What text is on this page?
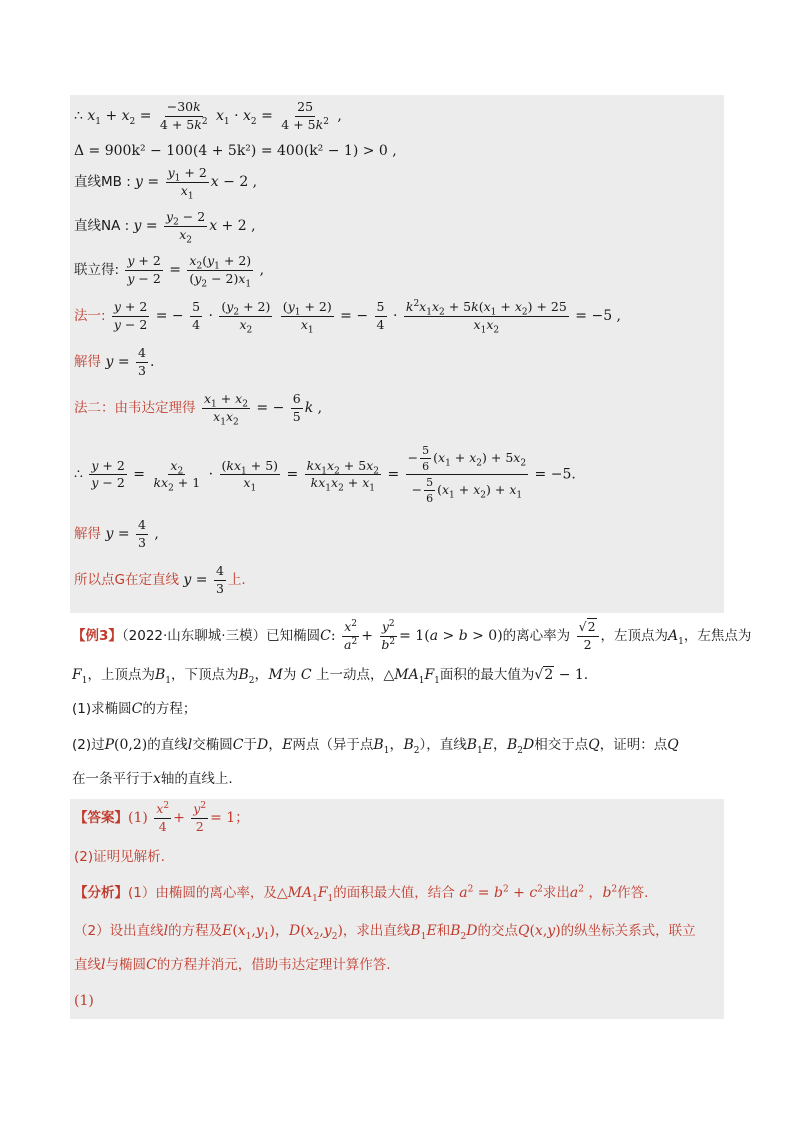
∴ $x_1 + x_2 = \frac{-30k}{4 + 5k^2} x_1 \cdot x_2 = \frac{25}{4 + 5k^2}$ ,
Δ = 900k² − 100(4 + 5k²) = 400(k² − 1) > 0 ,
直线MB : $y = \frac{y_1 + 2}{x_1}$ x − 2 ,
直线NA : $y = \frac{y_2 - 2}{x_2}$ x + 2 ,
联立得: $\frac{y + 2}{y - 2} = \frac{x_2(y_1 + 2)}{(y_2 - 2)x_1}$ ,
法一: $\frac{y + 2}{y - 2}$ = − $\frac{5}{4} \cdot \frac{(y_2 + 2)}{x_2}$
$\frac{(y_1 + 2)}{x_1}$ = − $\frac{5}{4} \cdot \frac{k^2x_1x_2 + 5k(x_1 + x_2) + 25}{x_1x_2} = -5$ ,
解得 $y = \frac{4}{3}$ .
法二：由韦达定理得 $\frac{x_1 + x_2}{x_1x_2}$ = − $\frac{6}{5}$ k ,
∴ $\frac{y + 2}{y - 2} = \frac{x_2}{kx_2 + 1} \cdot \frac{(kx_1 + 5)}{x_1} = \frac{kx_1x_2 + 5x_2}{kx_1x_2 + x_1} = \frac{- \frac{5}{6} (x_1 + x_2) + 5x_2}{- \frac{5}{6} (x_1 + x_2) + x_1} = -5$.
解得 $y = \frac{4}{3}$ ,
所以点G在定直线 $y = \frac{4}{3}$ 上.
【例3】（2022·山东聊城·三模）已知椭圆C: $\frac{x^2}{a^2} + \frac{y^2}{b^2} = 1(a > b > 0)$的离心率为 $\frac{√2}{2}$ ，左顶点为$A_1$，左焦点为
$F_1$，上顶点为$B_1$，下顶点为$B_2$，M为 C 上一动点，$\triangle MA_1F_1$面积的最大值为√2 − 1.
(1)求椭圆C的方程；
(2)过P(0,2)的直线l交椭圆C于D，E两点（异于点$B_1$，$B_2$），直线$B_1E$，$B_2D$相交于点Q，证明：点Q
在一条平行于x轴的直线上.
【答案】$(1) \frac{x^2}{4} + \frac{y^2}{2} = 1$；
(2)证明见解析.
【分析】(1）由椭圆的离心率，及$\triangle MA_1F_1$的面积最大值，结合 $a^2 = b^2 + c^2$求出$a^2$ ，$b^2$作答.
（2）设出直线l的方程及$E(x_1,y_1)$，$D(x_2,y_2)$，求出直线$B_1E$和$B_2D$的交点Q(x,y)的纵坐标关系式，联立
直线l与椭圆C的方程并消元，借助韦达定理计算作答.
(1)
